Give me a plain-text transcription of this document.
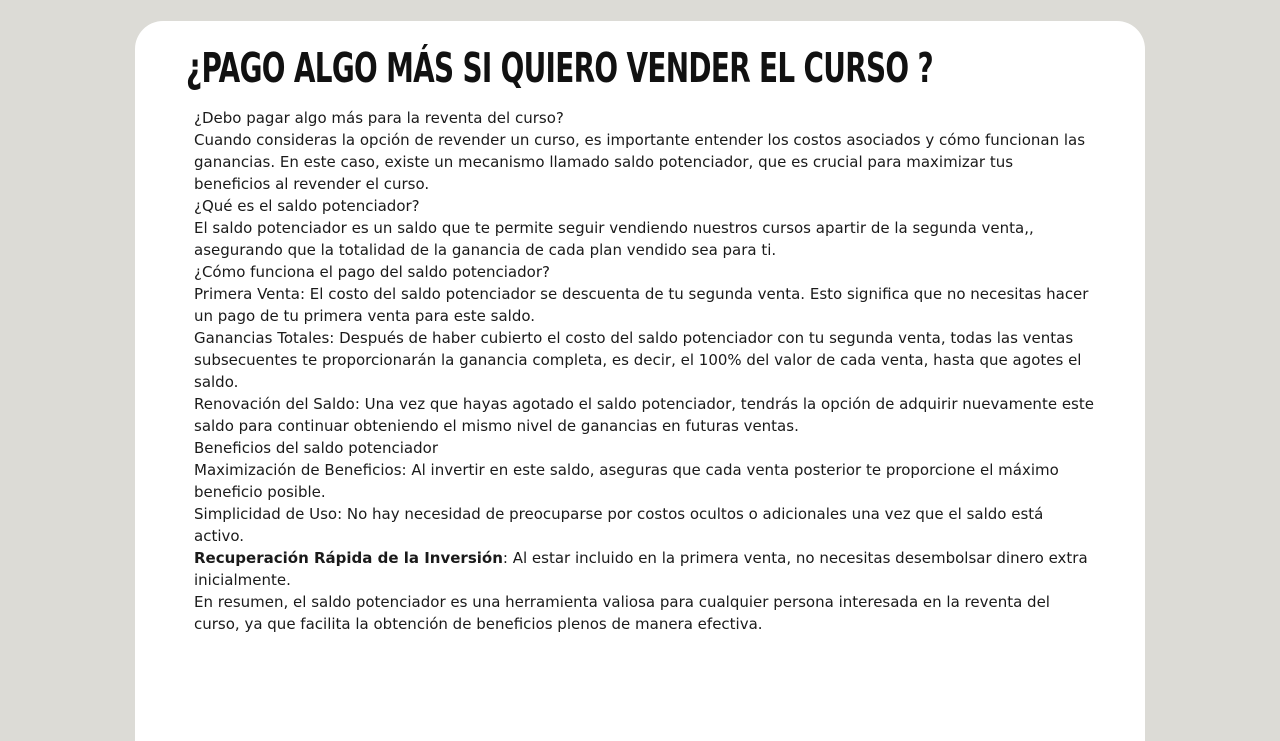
¿PAGO ALGO MÁS SI QUIERO VENDER EL CURSO ?

¿Debo pagar algo más para la reventa del curso?

Cuando consideras la opción de revender un curso, es importante entender los costos asociados y cómo funcionan las ganancias. En este caso, existe un mecanismo llamado saldo potenciador, que es crucial para maximizar tus beneficios al revender el curso.

¿Qué es el saldo potenciador?

El saldo potenciador es un saldo que te permite seguir vendiendo nuestros cursos apartir de la segunda venta,, asegurando que la totalidad de la ganancia de cada plan vendido sea para ti.

¿Cómo funciona el pago del saldo potenciador?

Primera Venta: El costo del saldo potenciador se descuenta de tu segunda venta. Esto significa que no necesitas hacer un pago de tu primera venta para este saldo.

Ganancias Totales: Después de haber cubierto el costo del saldo potenciador con tu segunda venta, todas las ventas subsecuentes te proporcionarán la ganancia completa, es decir, el 100% del valor de cada venta, hasta que agotes el saldo.

Renovación del Saldo: Una vez que hayas agotado el saldo potenciador, tendrás la opción de adquirir nuevamente este saldo para continuar obteniendo el mismo nivel de ganancias en futuras ventas.

Beneficios del saldo potenciador

Maximización de Beneficios: Al invertir en este saldo, aseguras que cada venta posterior te proporcione el máximo beneficio posible.

Simplicidad de Uso: No hay necesidad de preocuparse por costos ocultos o adicionales una vez que el saldo está activo.

Recuperación Rápida de la Inversión: Al estar incluido en la primera venta, no necesitas desembolsar dinero extra inicialmente.

En resumen, el saldo potenciador es una herramienta valiosa para cualquier persona interesada en la reventa del curso, ya que facilita la obtención de beneficios plenos de manera efectiva.
